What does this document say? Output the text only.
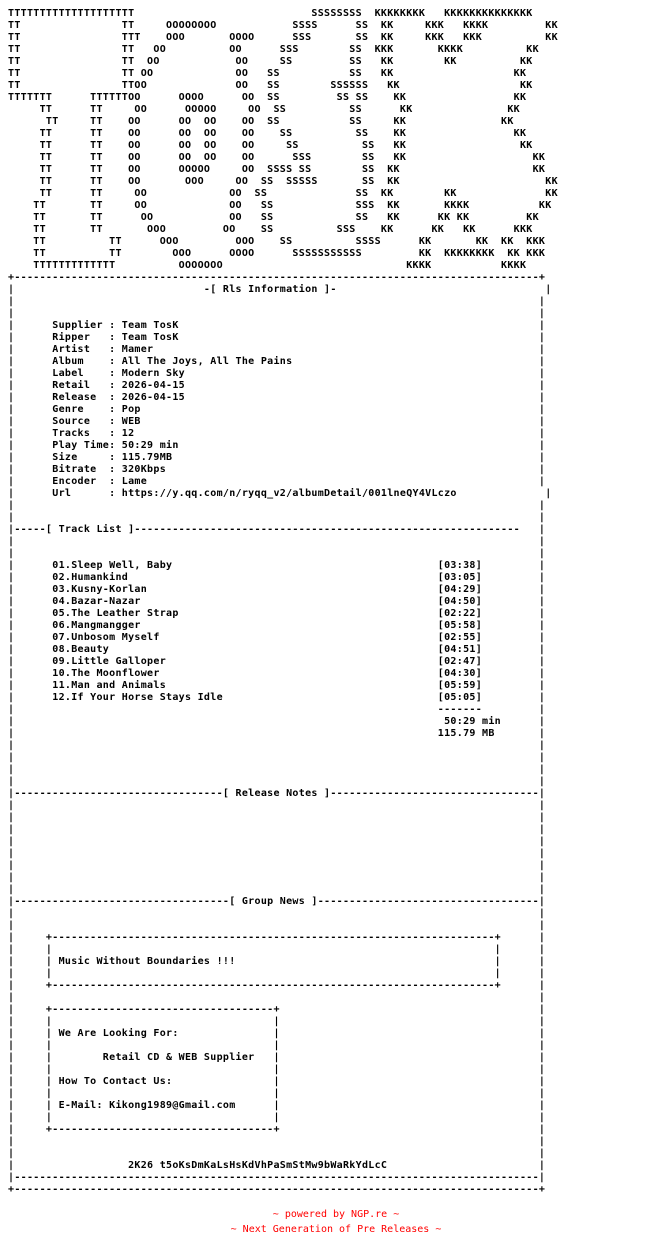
TTTTTTTTTTTTTTTTTTTT                            SSSSSSSS  KKKKKKKK   KKKKKKKKKKKKKK
TT                TT     OOOOOOOO            SSSS      SS  KK     KKK   KKKK         KK
TT                TTT    OOO       OOOO      SSS       SS  KK     KKK   KKK          KK
TT                TT   OO          OO      SSS        SS  KKK       KKKK          KK
TT                TT  OO            OO     SS         SS   KK        KK          KK
TT                TT OO             OO   SS           SS   KK                   KK
TT                TTOO              OO   SS        SSSSSS   KK                   KK
TTTTTTT      TTTTTTOO      OOOO      OO  SS         SS SS    KK                 KK
TT      TT     OO      OOOOO     OO  SS          SS      KK               KK
TT     TT    OO      OO  OO    OO  SS           SS     KK               KK
TT      TT    OO      OO  OO    OO    SS          SS    KK                 KK
TT      TT    OO      OO  OO    OO     SS          SS   KK                  KK
TT      TT    OO      OO  OO    OO      SSS        SS   KK                    KK
TT      TT    OO      OOOOO     OO  SSSS SS        SS  KK                     KK
TT      TT    OO       OOO     OO  SS  SSSSS       SS  KK                       KK
TT      TT     OO             OO  SS              SS  KK        KK              KK
TT       TT     OO             OO   SS             SSS  KK       KKKK           KK
TT       TT      OO            OO   SS             SS   KK      KK KK         KK
TT       TT       OOO         OO    SS          SSS    KK      KK   KK      KKK
TT          TT      OOO         OOO    SS          SSSS      KK       KK  KK  KKK
TT          TT        OOO      OOOO      SSSSSSSSSSS         KK  KKKKKKKK  KK KKK
TTTTTTTTTTTTT          OOOOOOO                             KKKK           KKKK
+-----------------------------------------------------------------------------------+
|                              -[ Rls Information ]-                                 |
|                                                                                   |
|                                                                                   |
|      Supplier : Team TosK                                                         |
|      Ripper   : Team TosK                                                         |
|      Artist   : Mamer                                                             |
|      Album    : All The Joys, All The Pains                                       |
|      Label    : Modern Sky                                                        |
|      Retail   : 2026-04-15                                                        |
|      Release  : 2026-04-15                                                        |
|      Genre    : Pop                                                               |
|      Source   : WEB                                                               |
|      Tracks   : 12                                                                |
|      Play Time: 50:29 min                                                         |
|      Size     : 115.79MB                                                          |
|      Bitrate  : 320Kbps                                                           |
|      Encoder  : Lame                                                              |
|      Url      : https://y.qq.com/n/ryqq_v2/albumDetail/001lneQY4VLczo              |
|                                                                                   |
|                                                                                   |
|-----[ Track List ]-------------------------------------------------------------   |
|                                                                                   |
|                                                                                   |
|      01.Sleep Well, Baby                                          [03:38]         |
|      02.Humankind                                                 [03:05]         |
|      03.Kusny-Korlan                                              [04:29]         |
|      04.Bazar-Nazar                                               [04:50]         |
|      05.The Leather Strap                                         [02:22]         |
|      06.Mangmangger                                               [05:58]         |
|      07.Unbosom Myself                                            [02:55]         |
|      08.Beauty                                                    [04:51]         |
|      09.Little Galloper                                           [02:47]         |
|      10.The Moonflower                                            [04:30]         |
|      11.Man and Animals                                           [05:59]         |
|      12.If Your Horse Stays Idle                                  [05:05]         |
|                                                                   -------         |
|                                                                    50:29 min      |
|                                                                   115.79 MB       |
|                                                                                   |
|                                                                                   |
|                                                                                   |
|                                                                                   |
|---------------------------------[ Release Notes ]---------------------------------|
|                                                                                   |
|                                                                                   |
|                                                                                   |
|                                                                                   |
|                                                                                   |
|                                                                                   |
|                                                                                   |
|                                                                                   |
|----------------------------------[ Group News ]-----------------------------------|
|                                                                                   |
|                                                                                   |
|     +----------------------------------------------------------------------+      |
|     |                                                                      |      |
|     | Music Without Boundaries !!!                                         |      |
|     |                                                                      |      |
|     +----------------------------------------------------------------------+      |
|                                                                                   |
|     +-----------------------------------+                                         |
|     |                                   |                                         |
|     | We Are Looking For:               |                                         |
|     |                                   |                                         |
|     |        Retail CD & WEB Supplier   |                                         |
|     |                                   |                                         |
|     | How To Contact Us:                |                                         |
|     |                                   |                                         |
|     | E-Mail: Kikong1989@Gmail.com      |                                         |
|     |                                   |                                         |
|     +-----------------------------------+                                         |
|                                                                                   |
|                                                                                   |
|                  2K26 t5oKsDmKaLsHsKdVhPaSmStMw9bWaRkYdLcC                        |
|-----------------------------------------------------------------------------------|
+-----------------------------------------------------------------------------------+
~ powered by NGP.re ~
~ Next Generation of Pre Releases ~
